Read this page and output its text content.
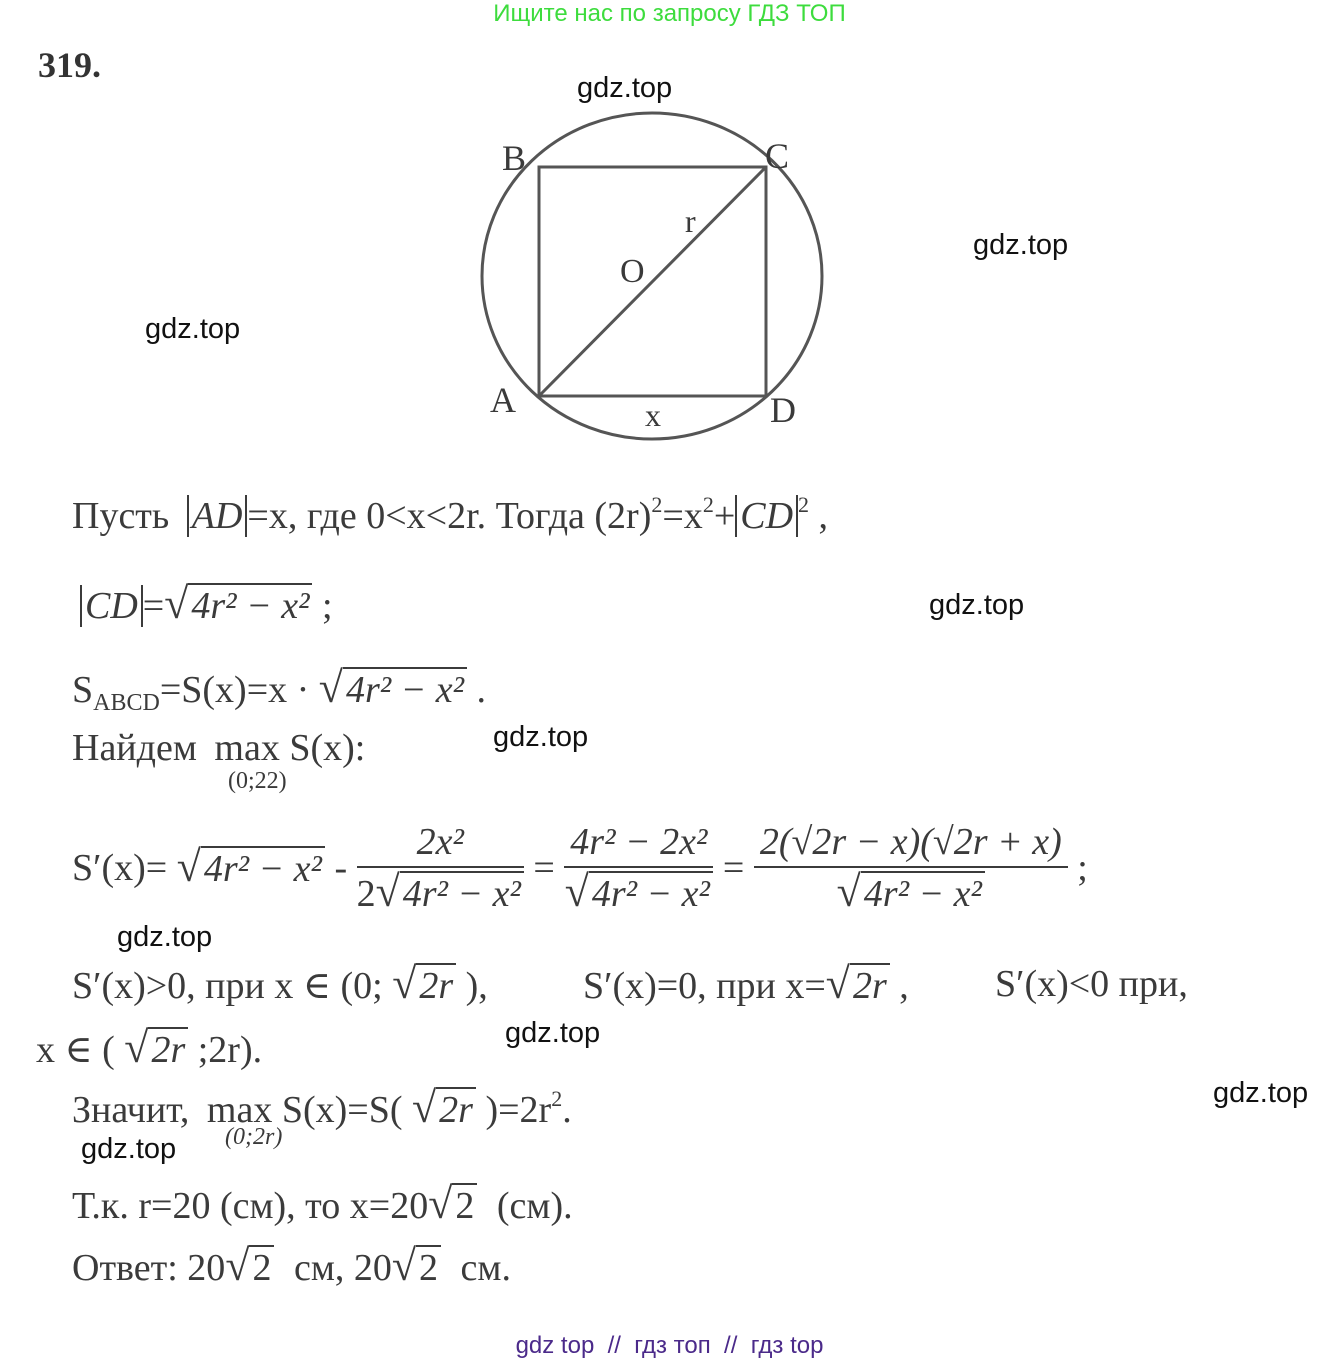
Ищите нас по запросу ГДЗ ТОП
319.
B	C
A	D
O
r
x
gdz.top
gdz.top
gdz.top
gdz.top
gdz.top
gdz.top
gdz.top
gdz.top
gdz.top
Пусть AD =x, где 0<x<2r. Тогда $(2r)^2=x^2+$ CD $^2$ ,
CD =√4r² − x² ;
$S_{ABCD}=S(x)=x \cdot √4r^2 - x^2$ .
Найдем max S(x):
(0;22)
$S'(x)= √4r^2 - x^2 - \frac{\text{2x²}}{\text{2√4r² − x²}} = \frac{\text{4r² − 2x²}}{\text{√4r² − x²}} = \frac{2(√2r - x)(√2r + x)}{\text{√4r² − x²}}$ ;
S′(x)>0, при x ∈ (0; √2r ),	S′(x)=0, при x=√2r , S′(x)<0 при,
x ∈ ( √2r ;2r).
Значит, max S(x)=S( √2r )$=2r^2$.
(0;2r)
Т.к. r=20 (см), то x=20√2 (см).
Ответ: 20√2 см, 20√2 см.
gdz top  //  гдз топ  //  гдз top
